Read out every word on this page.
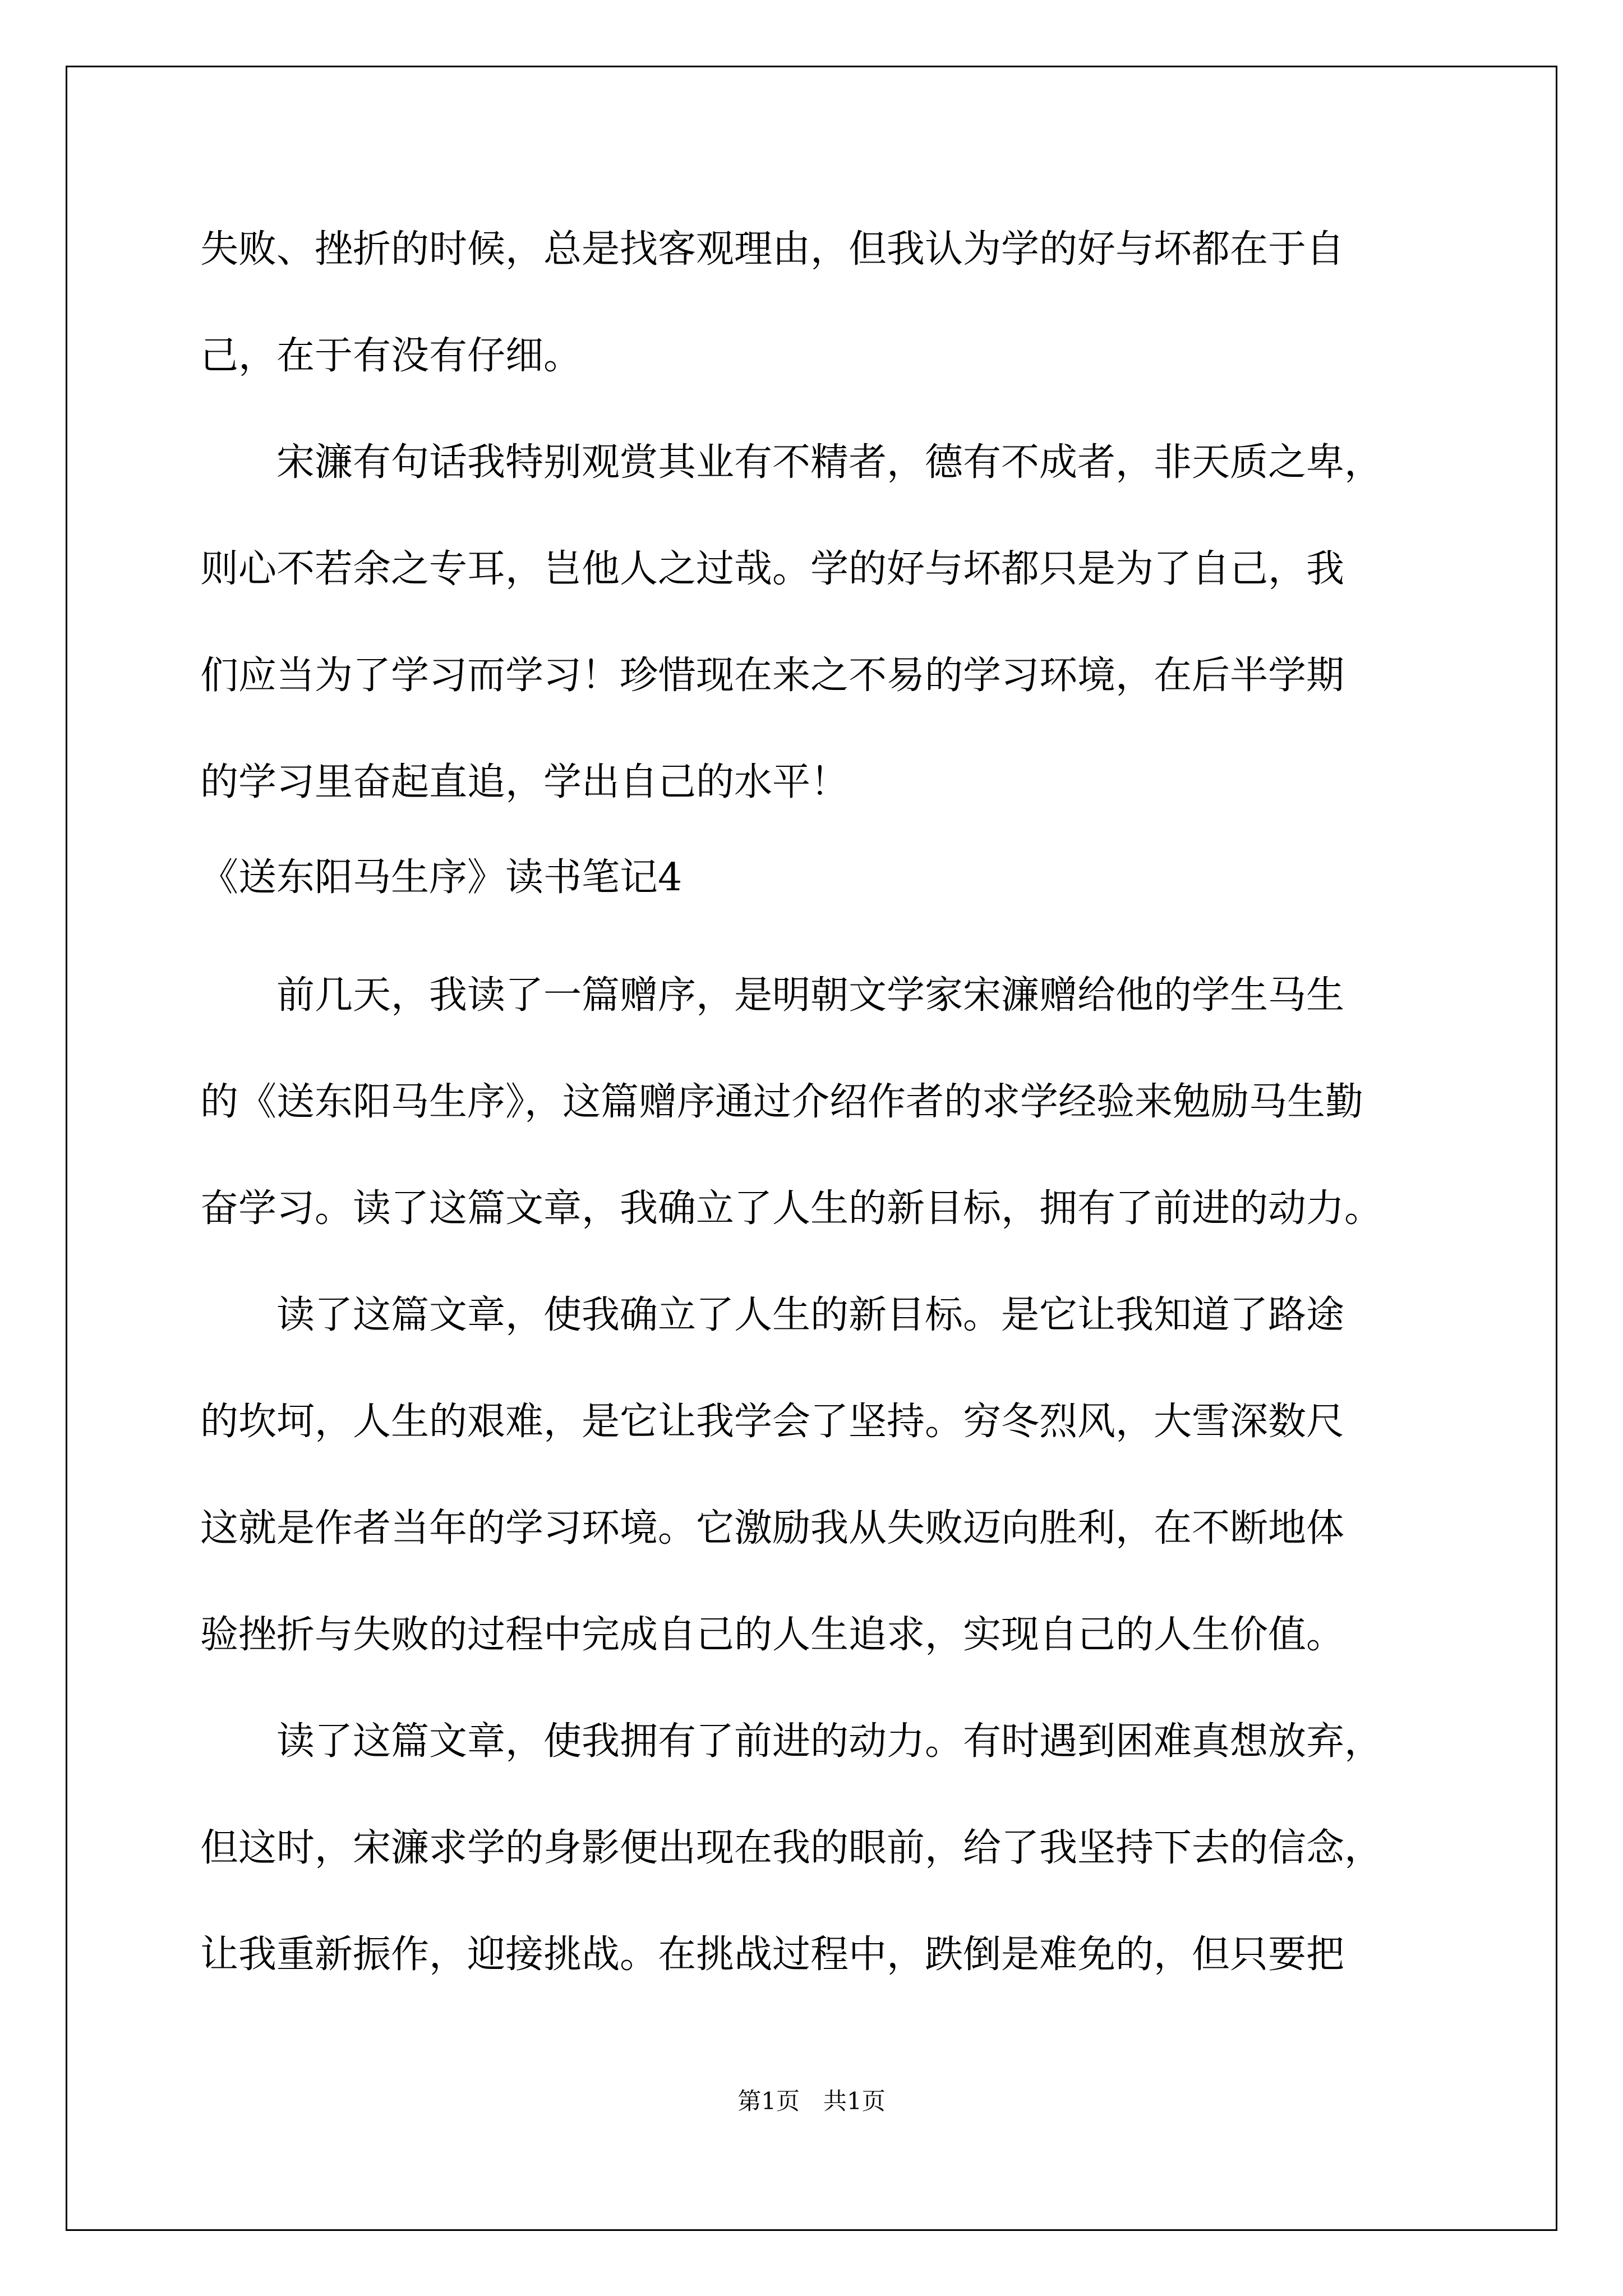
失败、挫折的时候，总是找客观理由，但我认为学的好与坏都在于自
己，在于有没有仔细。
　　宋濂有句话我特别观赏其业有不精者，德有不成者，非天质之卑，
则心不若余之专耳，岂他人之过哉。学的好与坏都只是为了自己，我
们应当为了学习而学习！珍惜现在来之不易的学习环境，在后半学期
的学习里奋起直追，学出自己的水平！
《送东阳马生序》读书笔记4
　　前几天，我读了一篇赠序，是明朝文学家宋濂赠给他的学生马生
的《送东阳马生序》，这篇赠序通过介绍作者的求学经验来勉励马生勤
奋学习。读了这篇文章，我确立了人生的新目标，拥有了前进的动力。
　　读了这篇文章，使我确立了人生的新目标。是它让我知道了路途
的坎坷，人生的艰难，是它让我学会了坚持。穷冬烈风，大雪深数尺
这就是作者当年的学习环境。它激励我从失败迈向胜利，在不断地体
验挫折与失败的过程中完成自己的人生追求，实现自己的人生价值。
　　读了这篇文章，使我拥有了前进的动力。有时遇到困难真想放弃，
但这时，宋濂求学的身影便出现在我的眼前，给了我坚持下去的信念，
让我重新振作，迎接挑战。在挑战过程中，跌倒是难免的，但只要把
第1页　共1页
